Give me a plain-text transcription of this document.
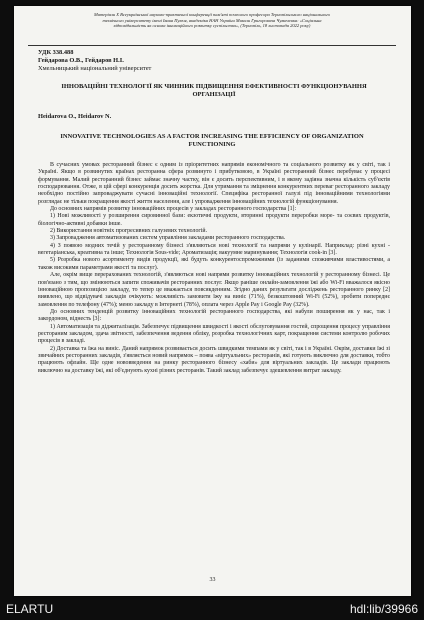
Матеріали X Всеукраїнської науково-практичної конференції пам'яті почесного професора Тернопільського національного
технічного університету імені Івана Пулюя, академіка НАН України Миколи Григоровича Чумаченка: «Соціальна
відповідальність як основа інноваційного розвитку суспільства», (Тернопіль, 18 листопада 2022 року)
УДК 338.488
Гейдарова О.В., Гейдаров Н.І.
Хмельницький національний університет
ІННОВАЦІЙНІ ТЕХНОЛОГІЇ ЯК ЧИННИК ПІДВИЩЕННЯ ЕФЕКТИВНОСТІ ФУНКЦІОНУВАННЯ ОРГАНІЗАЦІЇ
Heidarova O., Heidarov N.
INNOVATIVE TECHNOLOGIES AS A FACTOR INCREASING THE EFFICIENCY OF ORGANIZATION FUNCTIONING

В сучасних умовах ресторанний бізнес є одним із пріоритетних напрямів економічного та соціального розвитку як у світі, так і Україні. Якщо в розвинутих країнах ресторанна сфера розвинуто і прибутковою, в Україні ресторанний бізнес перебуває у процесі формування. Малий ресторанний бізнес займає значну частку, він є досить перспективним, і в якому задіяна значна кількість суб'єктів господарювання. Отже, в цій сфері конкуренція досить жорстка. Для утримання та зміцнення конкурентних переваг ресторанного закладу необхідно постійно запроваджувати сучасні інноваційні технології. Специфіка ресторанної галузі під інноваційними технологіями розглядає не тільки покращення якості життя населення, але і упровадження інноваційних технологій функціонування.

До основних напрямів розвитку інноваційних процесів у закладах ресторанного господарства [1]:

1) Нові можливості у розширення сировинної бази: екзотичні продукти, вторинні продукти переробки море- та соєвих продуктів, біологічно-активні добавки інше.

2) Використання новітніх прогресивних галузевих технологій.

3) Запровадження автоматизованих систем управління закладами ресторанного господарства.

4) З появою модних течій у ресторанному бізнесі з'являються нові технології та напрями у кулінарії. Наприклад: різні кухні - вегетаріанська, креативна та інше; Технологія Sous-vide; Ароматизація; вакуумне маринування; Технологія cook-in [3].

5) Розробка нового асортименту видів продукції, які будуть конкурентоспроможними (із заданими споживчими властивостями, а також високими параметрами якості та послуг).

Але, окрім вище перерахованих технологій, з'являються нові напрями розвитку інноваційних технологій у ресторанному бізнесі. Це пов'язано з тим, що змінюються запити споживачів ресторанних послуг. Якщо раніше онлайн-замовлення їжі або Wi-Fi вважалося якісно інноваційною пропозицією закладу, то тепер це вважається повсякденним. Згідно даних результати досліджень ресторанного ринку [2] виявлено, що відвідувачі закладів очікують: можливість замовити їжу на виніс (71%), безкоштовний Wi-Fi (52%), зробити попереднє замовлення по телефону (47%); меню закладу в Інтернеті (78%), оплата через Apple Pay і Google Pay (32%).

До основних тенденцій розвитку інноваційних технологій ресторанного господарства, які набули поширення як у нас, так і закордоном, віднесть [3]:

1) Автоматизація та діджиталізація. Забезпечує підвищення швидкості і якості обслуговування гостей, спрощення процесу управління рестораним закладом, здача звітності, забезпечення ведення обліку, розробка технологічних карт, покращення системи контролю робочих процесів в закладі.

2) Доставка та їжа на виніс. Даний напрямок розвивається досить швидкими темпами як у світі, так і в Україні. Окрім, доставки їжі зі звичайних ресторанних закладів, з'являється новий напрямок – поява «віртуальних» ресторанів, які готують виключно для доставки, тобто працюють офлайн. Ще одне нововведення на ринку ресторанного бізнесу «хаби» для віртуальних закладів. Це заклади працюють виключно на доставку їжі, які об'єднують кухні різних ресторанів. Такий заклад забезпечує здешевлення витрат закладу.

33
ELARTU	hdl:lib/39966
